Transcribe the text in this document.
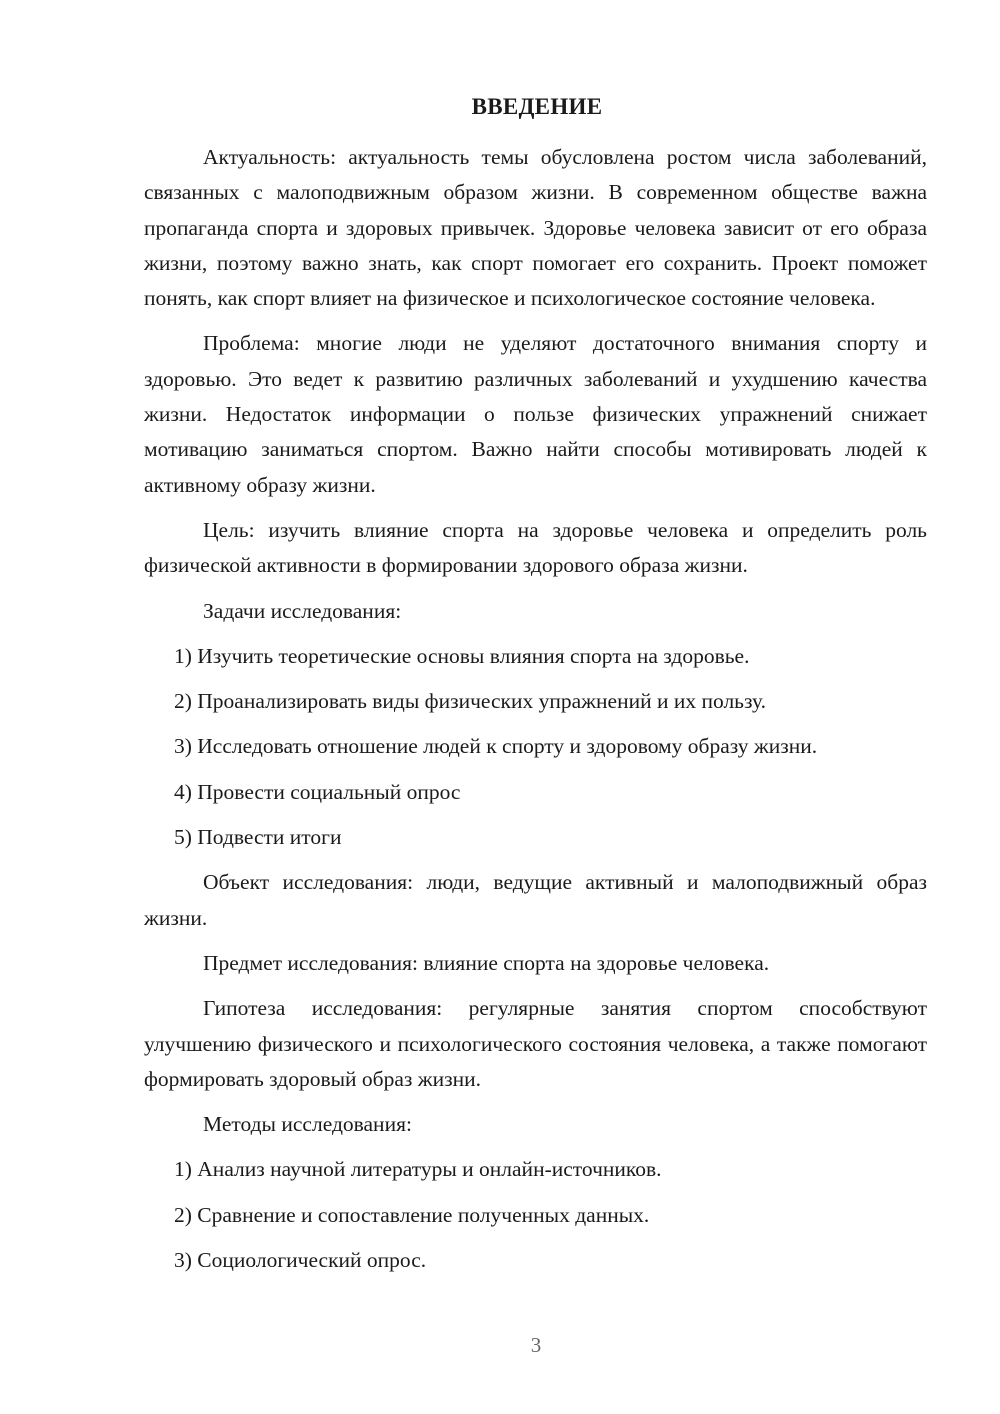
ВВЕДЕНИЕ

Актуальность: актуальность темы обусловлена ростом числа заболеваний, связанных с малоподвижным образом жизни. В современном обществе важна пропаганда спорта и здоровых привычек. Здоровье человека зависит от его образа жизни, поэтому важно знать, как спорт помогает его сохранить. Проект поможет понять, как спорт влияет на физическое и психологическое состояние человека.

Проблема: многие люди не уделяют достаточного внимания спорту и здоровью. Это ведет к развитию различных заболеваний и ухудшению качества жизни. Недостаток информации о пользе физических упражнений снижает мотивацию заниматься спортом. Важно найти способы мотивировать людей к активному образу жизни.

Цель: изучить влияние спорта на здоровье человека и определить роль физической активности в формировании здорового образа жизни.

Задачи исследования:

1) Изучить теоретические основы влияния спорта на здоровье.

2) Проанализировать виды физических упражнений и их пользу.

3) Исследовать отношение людей к спорту и здоровому образу жизни.

4) Провести социальный опрос

5) Подвести итоги

Объект исследования: люди, ведущие активный и малоподвижный образ жизни.

Предмет исследования: влияние спорта на здоровье человека.

Гипотеза исследования: регулярные занятия спортом способствуют улучшению физического и психологического состояния человека, а также помогают формировать здоровый образ жизни.

Методы исследования:

1) Анализ научной литературы и онлайн-источников.

2) Сравнение и сопоставление полученных данных.

3) Социологический опрос.

3
